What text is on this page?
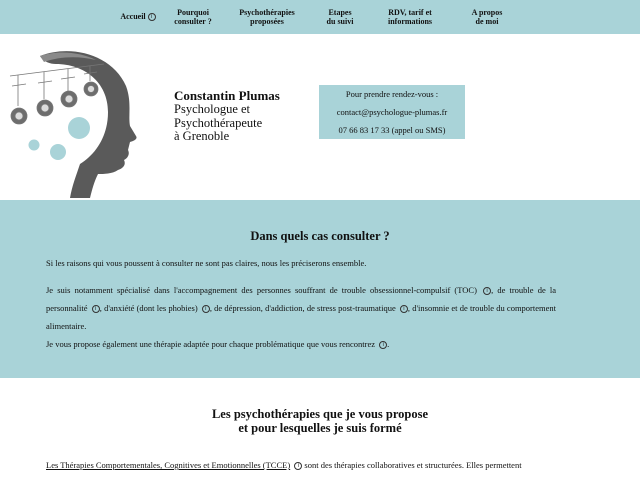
Accueil i	Pourquoi
consulter ?
Psychothérapies
proposées
Etapes
du suivi
RDV, tarif et
informations
A propos
de moi
Constantin Plumas
Psychologue et
Psychothérapeute
à Grenoble
Pour prendre rendez-vous :
contact@psychologue-plumas.fr
07 66 83 17 33 (appel ou SMS)
Dans quels cas consulter ?
Si les raisons qui vous poussent à consulter ne sont pas claires, nous les préciserons ensemble.
Je suis notamment spécialisé dans l'accompagnement des personnes souffrant de trouble obsessionnel-compulsif (TOC) i , de trouble de la personnalité i , d'anxiété (dont les phobies) i , de dépression, d'addiction, de stress post-traumatique i , d'insomnie et de trouble du comportement alimentaire.
Je vous propose également une thérapie adaptée pour chaque problématique que vous rencontrez i .
Les psychothérapies que je vous propose
et pour lesquelles je suis formé
Les Thérapies Comportementales, Cognitives et Emotionnelles (TCCE) i sont des thérapies collaboratives et structurées. Elles permettent
